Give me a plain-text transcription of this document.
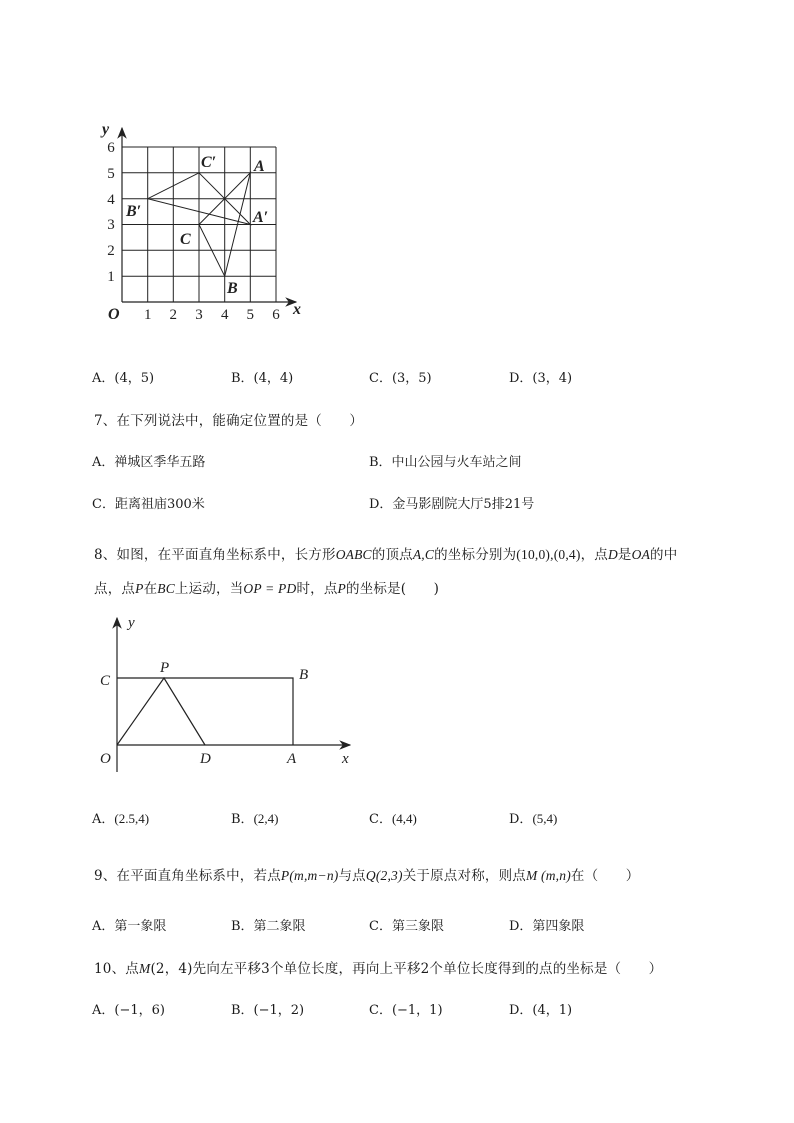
1 2 3 4 5 6
1
2
3
4
5
6
O
y
x
C′ A
B′	A′
C
B
A．(4，5)	B．(4，4)	C．(3，5)	D．(3，4)
7、在下列说法中，能确定位置的是（　　）
A．禅城区季华五路	B．中山公园与火车站之间
C．距离祖庙300米	D．金马影剧院大厅5排21号
8、如图，在平面直角坐标系中，长方形OABC的顶点A,C的坐标分别为(10,0),(0,4)，点D是OA的中
点，点P在BC上运动，当OP = PD时，点P的坐标是(　　)
y
x
C
P	B
O	D	A
A．(2.5,4)	B．(2,4)	C．(4,4)	D．(5,4)
9、在平面直角坐标系中，若点P(m,m−n)与点Q(2,3)关于原点对称，则点M (m,n)在（　　）
A．第一象限	B．第二象限	C．第三象限	D．第四象限
10、点M(2，4)先向左平移3个单位长度，再向上平移2个单位长度得到的点的坐标是（　　）
A．(−1，6)	B．(−1，2)	C．(−1，1)	D．(4，1)
